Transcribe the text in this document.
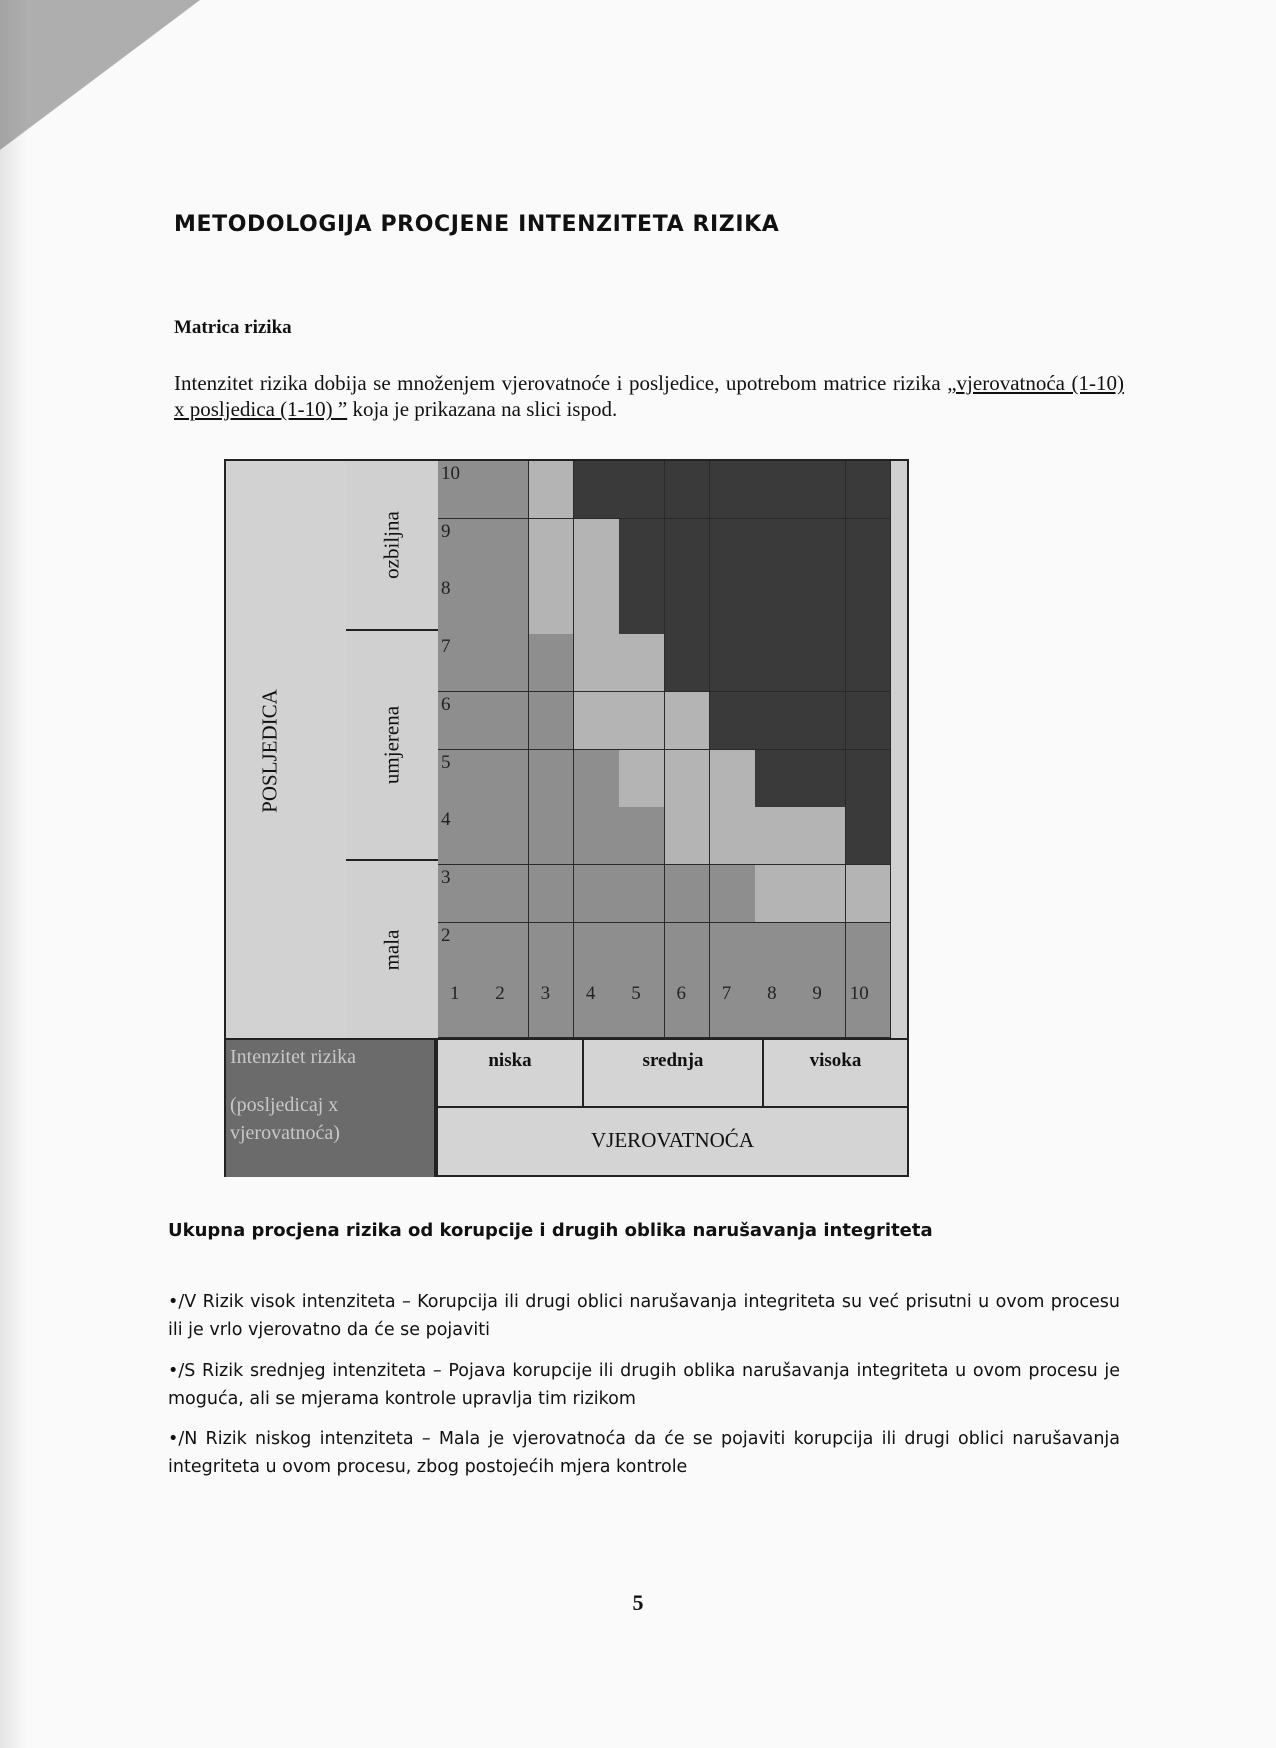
METODOLOGIJA PROCJENE INTENZITETA RIZIKA
Matrica rizika
Intenzitet rizika dobija se množenjem vjerovatnoće i posljedice, upotrebom matrice rizika „vjerovatnoća (1-10) x posljedica (1-10) ” koja je prikazana na slici ispod.
POSLJEDICA
ozbiljna
umjerena
mala
10
9
8
7
6
5
4
3
2
1 2 3 4 5 6 7 8 9 10
Intenzitet rizika
(posljedicaj x
vjerovatnoća)
niska	srednja	visoka
VJEROVATNOĆA
Ukupna procjena rizika od korupcije i drugih oblika narušavanja integriteta
•/V Rizik visok intenziteta – Korupcija ili drugi oblici narušavanja integriteta su već prisutni u ovom procesu ili je vrlo vjerovatno da će se pojaviti
•/S Rizik srednjeg intenziteta – Pojava korupcije ili drugih oblika narušavanja integriteta u ovom procesu je moguća, ali se mjerama kontrole upravlja tim rizikom
•/N Rizik niskog intenziteta – Mala je vjerovatnoća da će se pojaviti korupcija ili drugi oblici narušavanja integriteta u ovom procesu, zbog postojećih mjera kontrole
5
